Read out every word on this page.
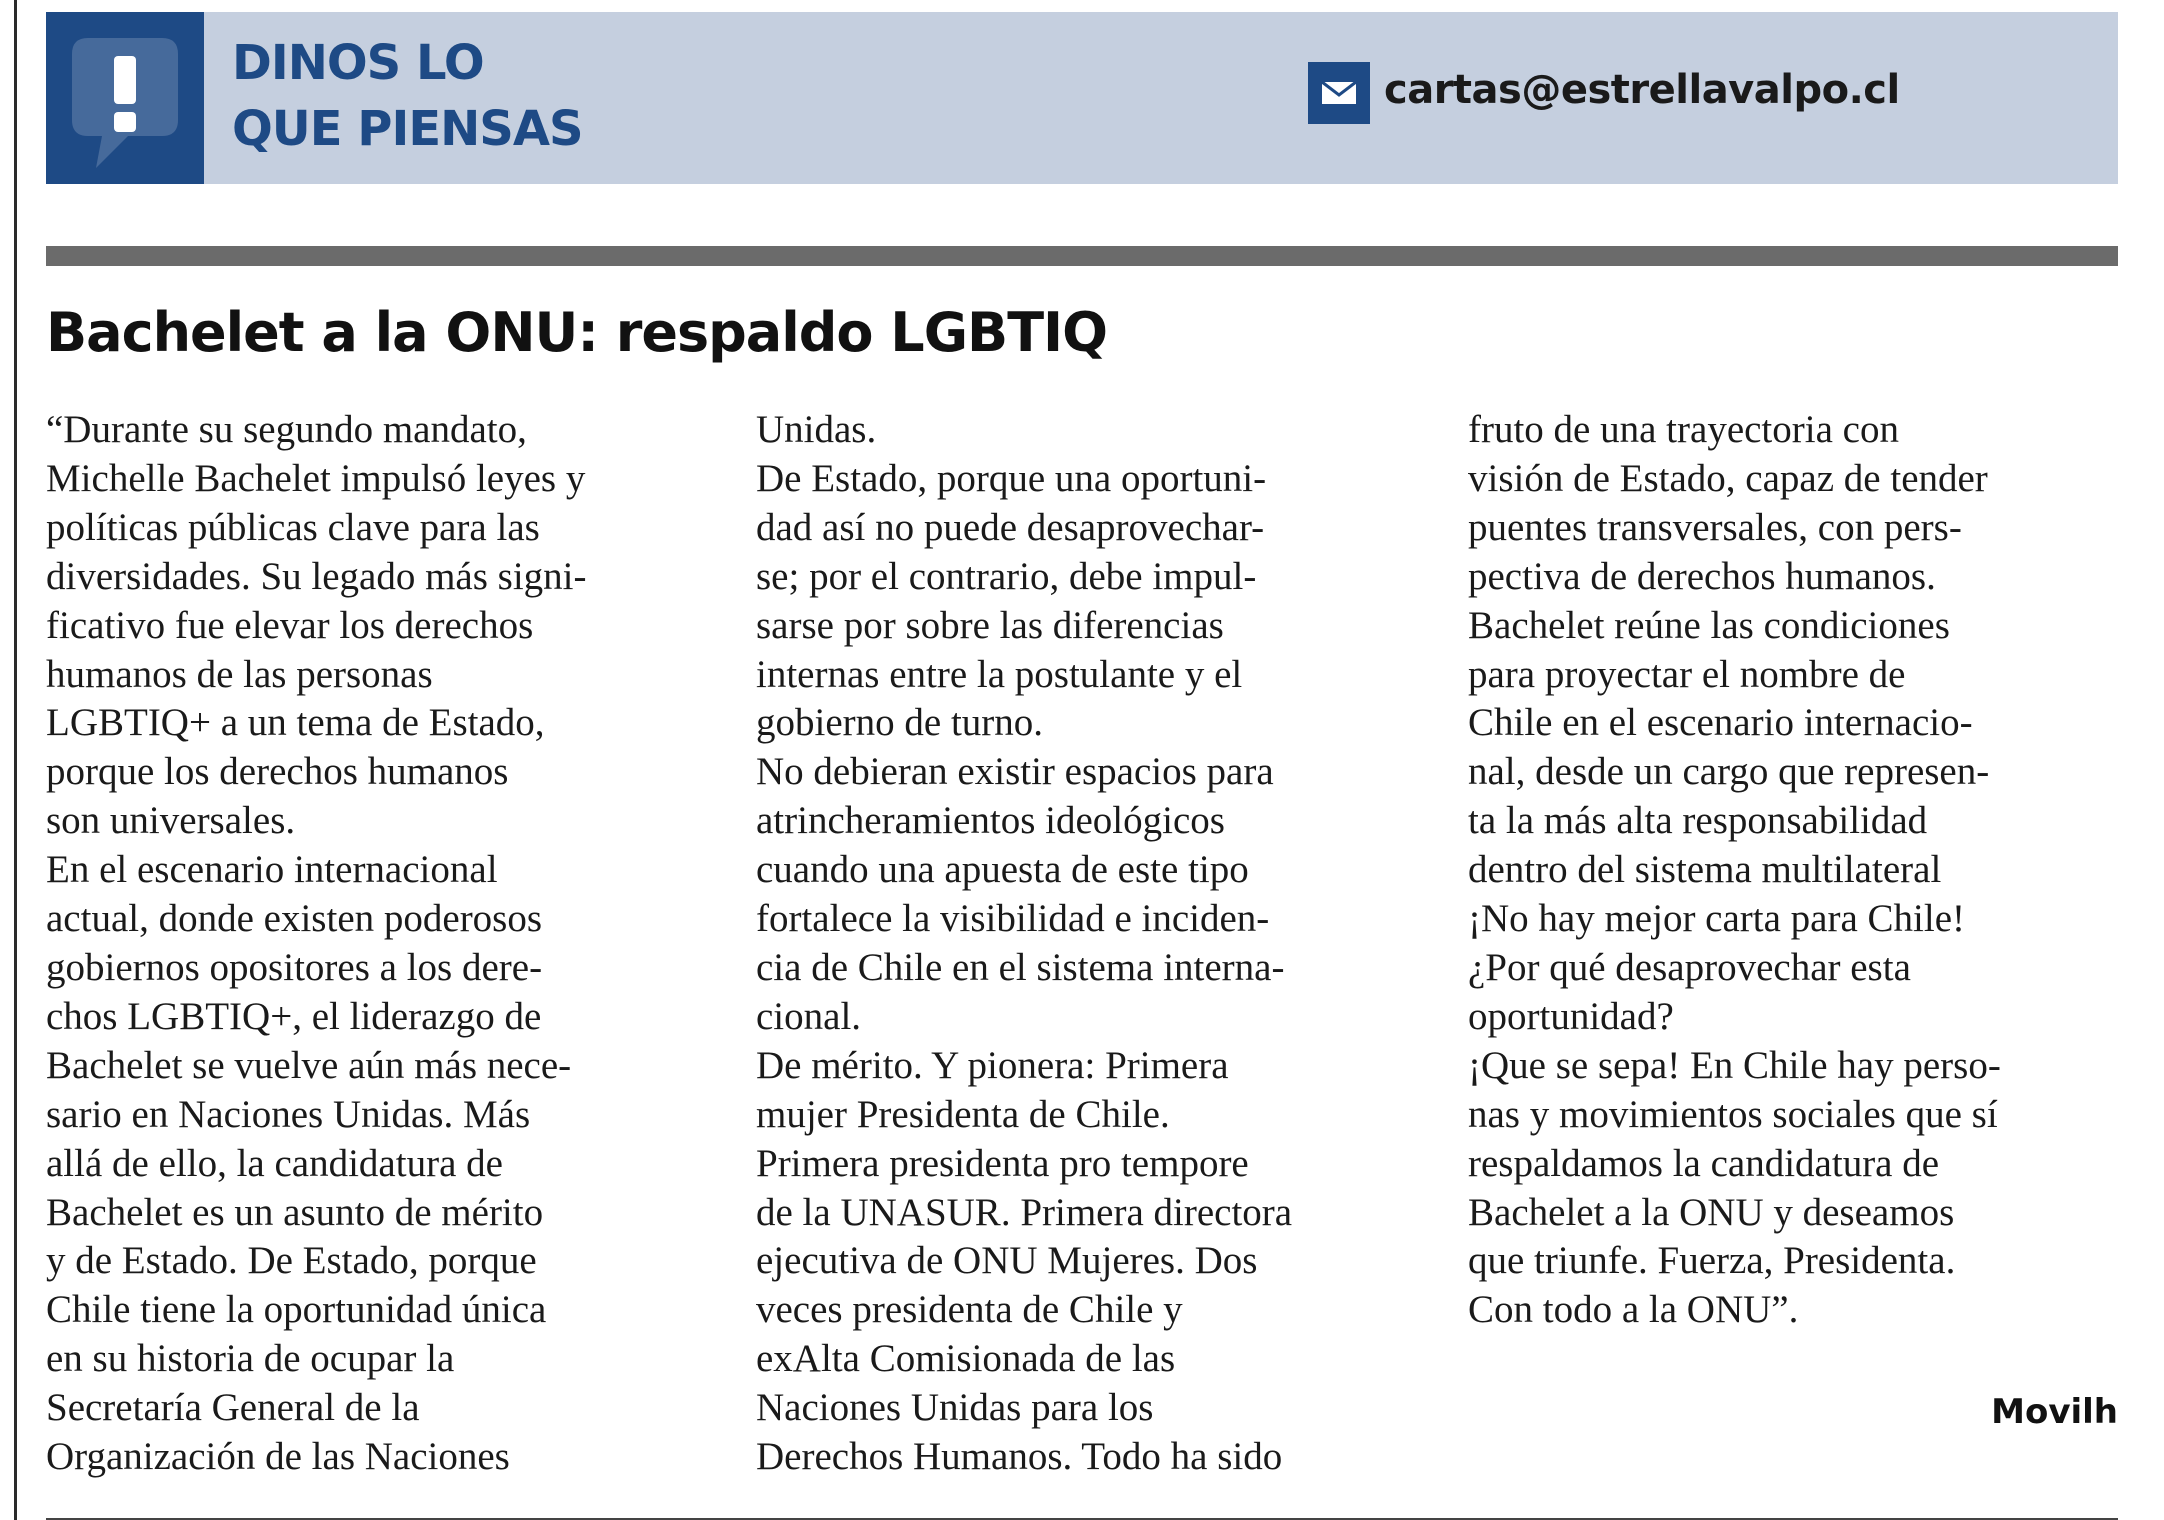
DINOS LO
QUE PIENSAS
cartas@estrellavalpo.cl
Bachelet a la ONU: respaldo LGBTIQ

“Durante su segundo mandato,

Michelle Bachelet impulsó leyes y

políticas públicas clave para las

diversidades. Su legado más signi-

ficativo fue elevar los derechos

humanos de las personas

LGBTIQ+ a un tema de Estado,

porque los derechos humanos

son universales.

En el escenario internacional

actual, donde existen poderosos

gobiernos opositores a los dere-

chos LGBTIQ+, el liderazgo de

Bachelet se vuelve aún más nece-

sario en Naciones Unidas. Más

allá de ello, la candidatura de

Bachelet es un asunto de mérito

y de Estado. De Estado, porque

Chile tiene la oportunidad única

en su historia de ocupar la

Secretaría General de la

Organización de las Naciones

Unidas.

De Estado, porque una oportuni-

dad así no puede desaprovechar-

se; por el contrario, debe impul-

sarse por sobre las diferencias

internas entre la postulante y el

gobierno de turno.

No debieran existir espacios para

atrincheramientos ideológicos

cuando una apuesta de este tipo

fortalece la visibilidad e inciden-

cia de Chile en el sistema interna-

cional.

De mérito. Y pionera: Primera

mujer Presidenta de Chile.

Primera presidenta pro tempore

de la UNASUR. Primera directora

ejecutiva de ONU Mujeres. Dos

veces presidenta de Chile y

exAlta Comisionada de las

Naciones Unidas para los

Derechos Humanos. Todo ha sido

fruto de una trayectoria con

visión de Estado, capaz de tender

puentes transversales, con pers-

pectiva de derechos humanos.

Bachelet reúne las condiciones

para proyectar el nombre de

Chile en el escenario internacio-

nal, desde un cargo que represen-

ta la más alta responsabilidad

dentro del sistema multilateral

¡No hay mejor carta para Chile!

¿Por qué desaprovechar esta

oportunidad?

¡Que se sepa! En Chile hay perso-

nas y movimientos sociales que sí

respaldamos la candidatura de

Bachelet a la ONU y deseamos

que triunfe. Fuerza, Presidenta.

Con todo a la ONU”.

Movilh
